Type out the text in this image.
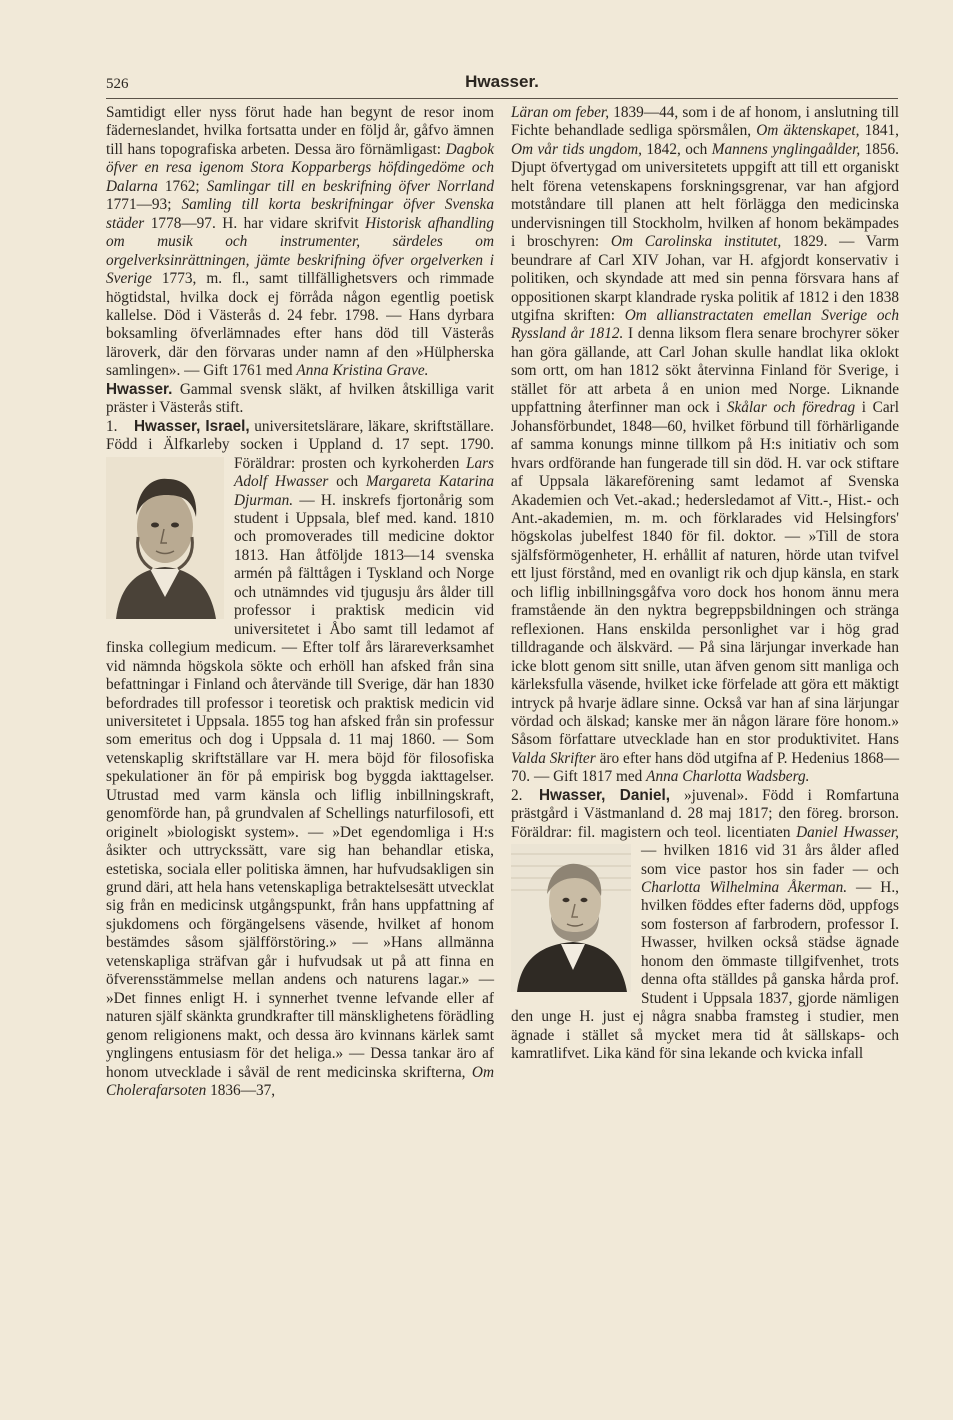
526	Hwasser.

Samtidigt eller nyss förut hade han begynt de resor inom fäderneslandet, hvilka fortsatta under en följd år, gåfvo ämnen till hans topografiska arbeten. Dessa äro förnämligast: Dagbok öfver en resa igenom Stora Kopparbergs höfdingedöme och Dalarna 1762; Samlingar till en beskrifning öfver Norrland 1771—93; Samling till korta beskrifningar öfver Svenska städer 1778—97. H. har vidare skrifvit Historisk afhandling om musik och instrumenter, särdeles om orgelverksinrättningen, jämte beskrifning öfver orgelverken i Sverige 1773, m. fl., samt tillfällighetsvers och rimmade högtidstal, hvilka dock ej förråda någon egentlig poetisk kallelse. Död i Västerås d. 24 febr. 1798. — Hans dyrbara boksamling öfverlämnades efter hans död till Västerås läroverk, där den förvaras under namn af den »Hülpherska samlingen». — Gift 1761 med Anna Kristina Grave.

Hwasser. Gammal svensk släkt, af hvilken åtskilliga varit präster i Västerås stift.

1. Hwasser, Israel, universitetslärare, läkare, skriftställare. Född i Älfkarleby socken i Uppland d. 17 sept. 1790. Föräldrar: prosten och kyrkoherden
Lars Adolf Hwasser och Margareta Katarina Djurman. — H. inskrefs fjortonårig som student i Uppsala, blef med. kand. 1810 och promoverades till medicine doktor 1813. Han åtföljde 1813—14 svenska armén på fälttågen i Tyskland och Norge och utnämndes vid tjugusju års ålder till professor i praktisk medicin vid universitetet i Åbo samt till ledamot af finska collegium medicum. — Efter tolf års lärareverksamhet vid nämnda högskola sökte och erhöll han afsked från sina befattningar i Finland och återvände till Sverige, där han 1830 befordrades till professor i teoretisk och praktisk medicin vid universitetet i Uppsala. 1855 tog han afsked från sin professur som emeritus och dog i Uppsala d. 11 maj 1860. — Som vetenskaplig skriftställare var H. mera böjd för filosofiska spekulationer än för på empirisk bog byggda iakttagelser. Utrustad med varm känsla och liflig inbillningskraft, genomförde han, på grundvalen af Schellings naturfilosofi, ett originelt »biologiskt system». — »Det egendomliga i H:s åsikter och uttryckssätt, vare sig han behandlar etiska, estetiska, sociala eller politiska ämnen, har hufvudsakligen sin grund däri, att hela hans vetenskapliga betraktelsesätt utvecklat sig från en medicinsk utgångspunkt, från hans uppfattning af sjukdomens och förgängelsens väsende, hvilket af honom bestämdes såsom själfförstöring.» — »Hans allmänna vetenskapliga sträfvan går i hufvudsak ut på att finna en öfverensstämmelse mellan andens och naturens lagar.» — »Det finnes enligt H. i synnerhet tvenne lefvande eller af naturen själf skänkta grundkrafter till mänsklighetens förädling genom religionens makt, och dessa äro kvinnans kärlek samt ynglingens entusiasm för det heliga.» — Dessa tankar äro af honom utvecklade i såväl de rent medicinska skrifterna, Om Cholerafarsoten 1836—37,

Läran om feber, 1839—44, som i de af honom, i anslutning till Fichte behandlade sedliga spörsmålen, Om äktenskapet, 1841, Om vår tids ungdom, 1842, och Mannens ynglingaålder, 1856. Djupt öfvertygad om universitetets uppgift att till ett organiskt helt förena vetenskapens forskningsgrenar, var han afgjord motståndare till planen att helt förlägga den medicinska undervisningen till Stockholm, hvilken af honom bekämpades i broschyren: Om Carolinska institutet, 1829. — Varm beundrare af Carl XIV Johan, var H. afgjordt konservativ i politiken, och skyndade att med sin penna försvara hans af oppositionen skarpt klandrade ryska politik af 1812 i den 1838 utgifna skriften: Om allianstractaten emellan Sverige och Ryssland år 1812. I denna liksom flera senare brochyrer söker han göra gällande, att Carl Johan skulle handlat lika oklokt som ortt, om han 1812 sökt återvinna Finland för Sverige, i stället för att arbeta å en union med Norge. Liknande uppfattning återfinner man ock i Skålar och föredrag i Carl Johansförbundet, 1848—60, hvilket förbund till förhärligande af samma konungs minne tillkom på H:s initiativ och som hvars ordförande han fungerade till sin död. H. var ock stiftare af Uppsala läkareförening samt ledamot af Svenska Akademien och Vet.-akad.; hedersledamot af Vitt.-, Hist.- och Ant.-akademien, m. m. och förklarades vid Helsingfors' högskolas jubelfest 1840 för fil. doktor. — »Till de stora själfsförmögenheter, H. erhållit af naturen, hörde utan tvifvel ett ljust förstånd, med en ovanligt rik och djup känsla, en stark och liflig inbillningsgåfva voro dock hos honom ännu mera framstående än den nyktra begreppsbildningen och stränga reflexionen. Hans enskilda personlighet var i hög grad tilldragande och älskvärd. — På sina lärjungar inverkade han icke blott genom sitt snille, utan äfven genom sitt manliga och kärleksfulla väsende, hvilket icke förfelade att göra ett mäktigt intryck på hvarje ädlare sinne. Också var han af sina lärjungar vördad och älskad; kanske mer än någon lärare före honom.» Såsom författare utvecklade han en stor produktivitet. Hans Valda Skrifter äro efter hans död utgifna af P. Hedenius 1868—70. — Gift 1817 med Anna Charlotta Wadsberg.

2. Hwasser, Daniel, »juvenal». Född i Romfartuna prästgård i Västmanland d. 28 maj 1817; den föreg. brorson. Föräldrar: fil. magistern och teol. licentiaten
Daniel Hwasser, — hvilken 1816 vid 31 års ålder afled som vice pastor hos sin fader — och Charlotta Wilhelmina Åkerman. — H., hvilken föddes efter faderns död, uppfogs som fosterson af farbrodern, professor I. Hwasser, hvilken också städse ägnade honom den ömmaste tillgifvenhet, trots denna ofta ställdes på ganska hårda prof. Student i Uppsala 1837, gjorde nämligen den unge H. just ej några snabba framsteg i studier, men ägnade i stället så mycket mera tid åt sällskaps- och kamratlifvet. Lika känd för sina lekande och kvicka infall
